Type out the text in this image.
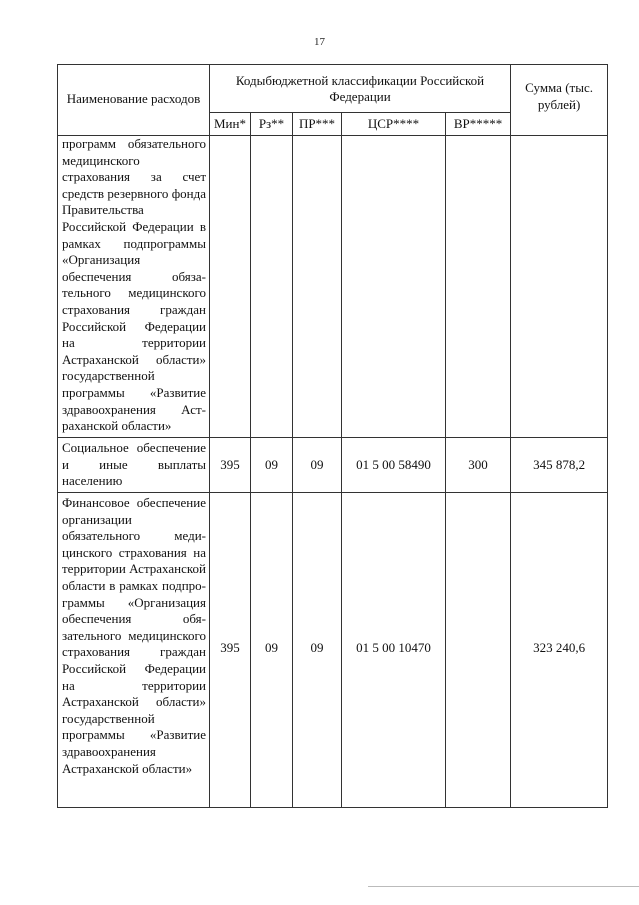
17
Наименование расходов	Кодыбюджетной классификации Российской Федерации					Сумма (тыс. рублей)
	Мин*	Рз**	ПР***	ЦСР****	ВР*****	
программ обязательного медицинского страхования за счет средств резервного фонда Правительства Российской Федерации в рамках подпрограммы «Организация обеспечения обязательного медицинского страхования граждан Российской Федерации на территории Астраханской области» государственной программы «Развитие здравоохранения Астраханской области»						
Социальное обеспечение и иные выплаты населению	395	09	09	01 5 00 58490	300	345 878,2
Финансовое обеспечение организации обязательного медицинского страхования на территории Астраханской области в рамках подпрограммы «Организация обеспечения обязательного медицинского страхования граждан Российской Федерации на территории Астраханской области» государственной программы «Развитие здравоохранения Астраханской области»	395	09	09	01 5 00 10470		323 240,6
